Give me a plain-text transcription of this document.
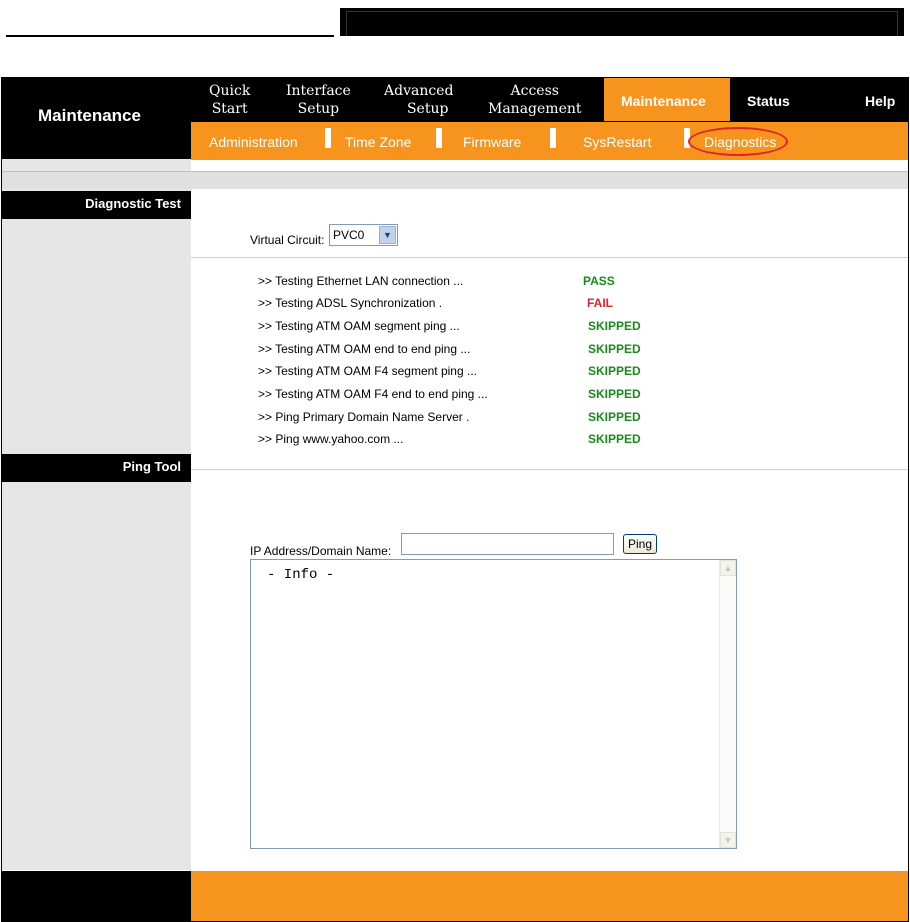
Maintenance
Quick
Start
Interface
Setup
Advanced
Setup
Access
Management	Maintenance	Status	Help
Administration	Time Zone	Firmware	SysRestart	Diagnostics
Diagnostic Test
Virtual Circuit: PVC0	▼
>> Testing Ethernet LAN connection ...	PASS
>> Testing ADSL Synchronization .	FAIL
>> Testing ATM OAM segment ping ...	SKIPPED
>> Testing ATM OAM end to end ping ...	SKIPPED
>> Testing ATM OAM F4 segment ping ...	SKIPPED
>> Testing ATM OAM F4 end to end ping ...	SKIPPED
>> Ping Primary Domain Name Server .	SKIPPED
>> Ping www.yahoo.com ...	SKIPPED
Ping Tool
IP Address/Domain Name:	Ping
- Info -	▲
▼
